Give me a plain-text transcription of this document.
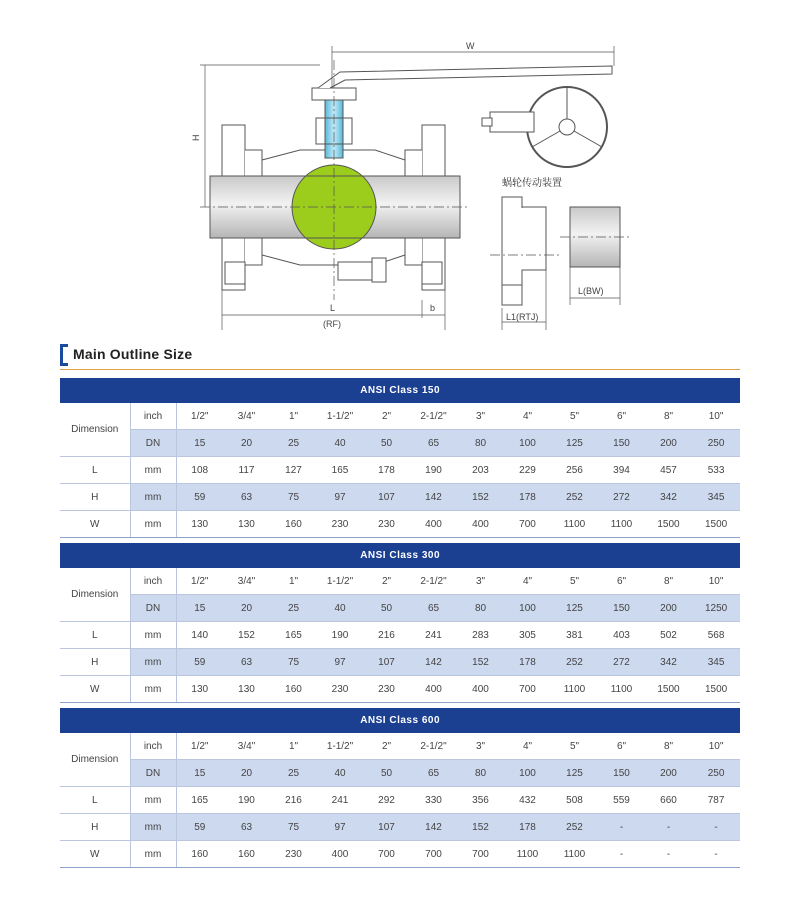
W
H
L
(RF)
b
L(BW)
L1(RTJ)
蜗轮传动装置
Main Outline Size
ANSI Class 150													
Dimension	inch	1/2"	3/4"	1"	1-1/2"	2"	2-1/2"	3"	4"	5"	6"	8"	10"
	DN	15	20	25	40	50	65	80	100	125	150	200	250
L	mm	108	117	127	165	178	190	203	229	256	394	457	533
H	mm	59	63	75	97	107	142	152	178	252	272	342	345
W	mm	130	130	160	230	230	400	400	700	1100	1100	1500	1500
ANSI Class 300													
Dimension	inch	1/2"	3/4"	1"	1-1/2"	2"	2-1/2"	3"	4"	5"	6"	8"	10"
	DN	15	20	25	40	50	65	80	100	125	150	200	1250
L	mm	140	152	165	190	216	241	283	305	381	403	502	568
H	mm	59	63	75	97	107	142	152	178	252	272	342	345
W	mm	130	130	160	230	230	400	400	700	1100	1100	1500	1500
ANSI Class 600													
Dimension	inch	1/2"	3/4"	1"	1-1/2"	2"	2-1/2"	3"	4"	5"	6"	8"	10"
	DN	15	20	25	40	50	65	80	100	125	150	200	250
L	mm	165	190	216	241	292	330	356	432	508	559	660	787
H	mm	59	63	75	97	107	142	152	178	252	-	-	-
W	mm	160	160	230	400	700	700	700	1100	1100	-	-	-
